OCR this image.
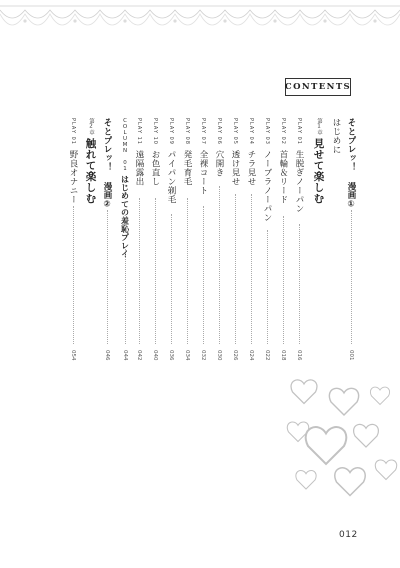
CONTENTS
そとプレッ！ 漫画①
001
はじめに
第1章
見せて楽しむ
PLAY 01
生脱ぎノーパン
016
PLAY 02
首輪＆リード
018
PLAY 03
ノーブラノーパン
022
PLAY 04
チラ見せ
024
PLAY 05
透け見せ
026
PLAY 06
穴開き
030
PLAY 07
全裸コート
032
PLAY 08
発毛育毛
034
PLAY 09
パイパン剃毛
036
PLAY 10
お色直し
040
PLAY 11
遠隔露出
042
COLUMN 01
はじめての羞恥プレイ
044
そとプレッ！ 漫画②
046
第2章
触れて楽しむ
PLAY 01
野良オナニー
054
012
